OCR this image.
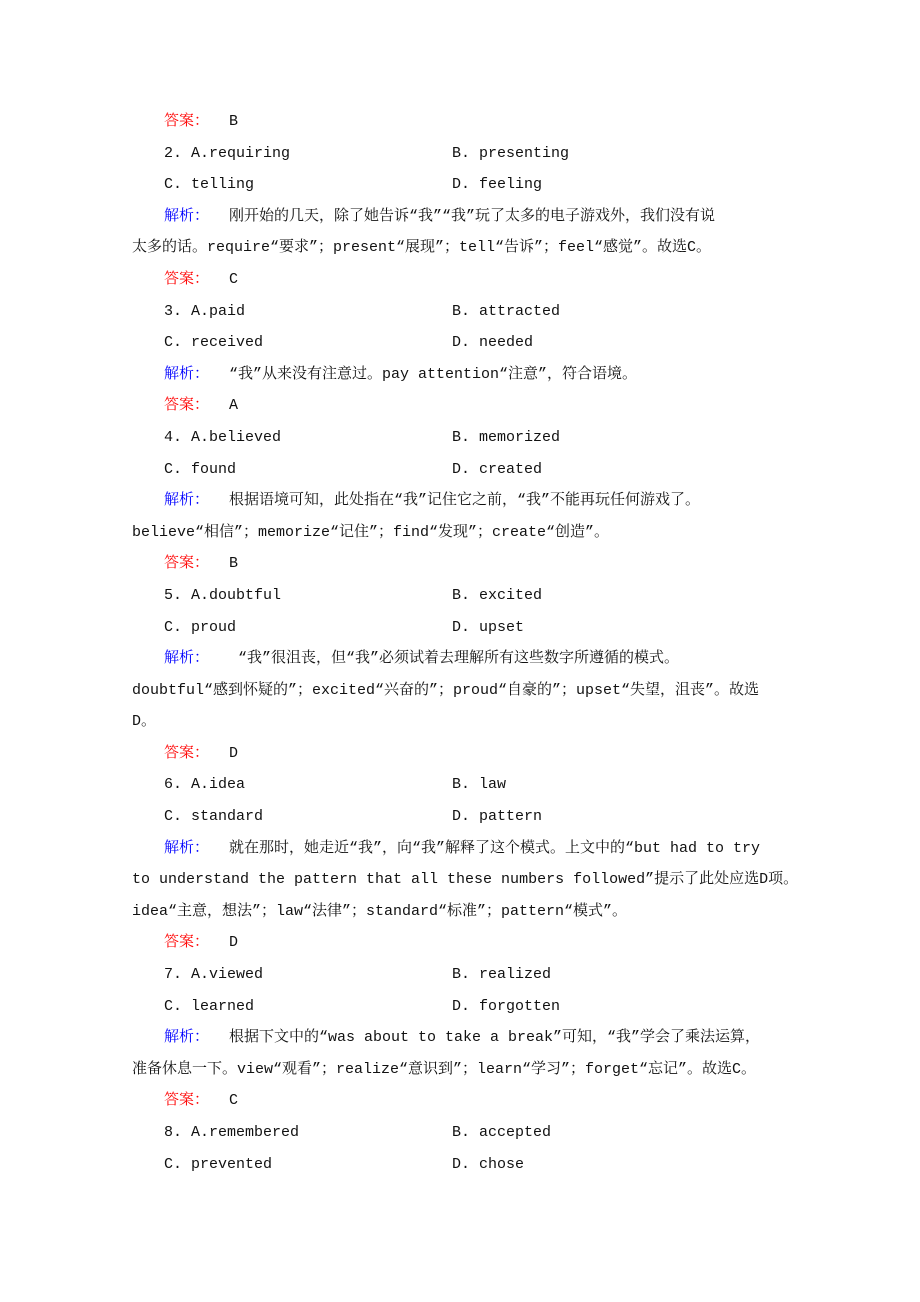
答案： B
2. A.requiring	B. presenting
C. telling	D. feeling
解析： 刚开始的几天，除了她告诉“我”“我”玩了太多的电子游戏外，我们没有说
太多的话。require“要求”；present“展现”；tell“告诉”；feel“感觉”。故选C。
答案： C
3. A.paid	B. attracted
C. received	D. needed
解析： “我”从来没有注意过。pay attention“注意”，符合语境。
答案： A
4. A.believed	B. memorized
C. found	D. created
解析： 根据语境可知，此处指在“我”记住它之前，“我”不能再玩任何游戏了。
believe“相信”；memorize“记住”；find“发现”；create“创造”。
答案： B
5. A.doubtful	B. excited
C. proud	D. upset
解析： “我”很沮丧，但“我”必须试着去理解所有这些数字所遵循的模式。
doubtful“感到怀疑的”；excited“兴奋的”；proud“自豪的”；upset“失望，沮丧”。故选
D。
答案： D
6. A.idea	B. law
C. standard	D. pattern
解析： 就在那时，她走近“我”，向“我”解释了这个模式。上文中的“but had to try
to understand the pattern that all these numbers followed”提示了此处应选D项。
idea“主意，想法”；law“法律”；standard“标准”；pattern“模式”。
答案： D
7. A.viewed	B. realized
C. learned	D. forgotten
解析： 根据下文中的“was about to take a break”可知，“我”学会了乘法运算，
准备休息一下。view“观看”；realize“意识到”；learn“学习”；forget“忘记”。故选C。
答案： C
8. A.remembered	B. accepted
C. prevented	D. chose
